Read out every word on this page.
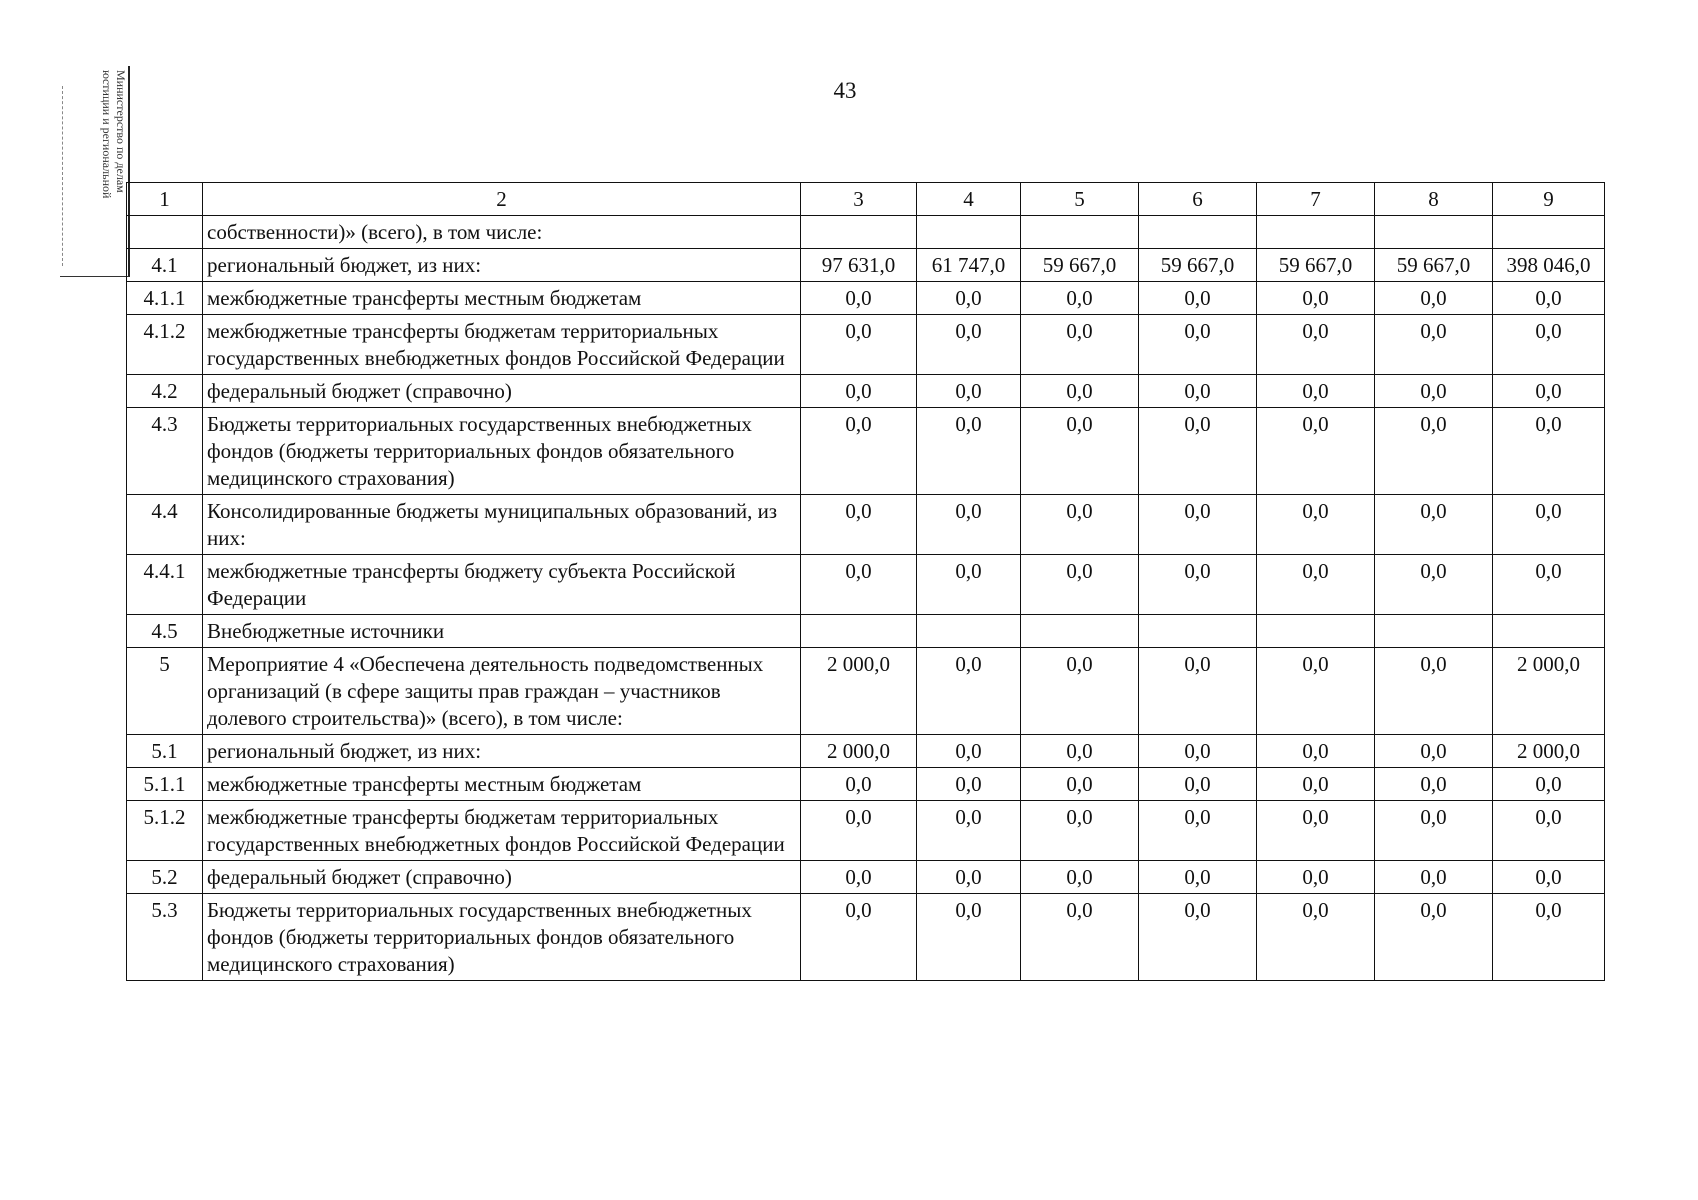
43
Министерство по делам
юстиции и региональной
1	2	3	4	5	6	7	8	9
	собственности)» (всего), в том числе:							
4.1	региональный бюджет, из них:	97 631,0	61 747,0	59 667,0	59 667,0	59 667,0	59 667,0	398 046,0
4.1.1	межбюджетные трансферты местным бюджетам	0,0	0,0	0,0	0,0	0,0	0,0	0,0
4.1.2	межбюджетные трансферты бюджетам территориальных государственных внебюджетных фондов Российской Федерации	0,0	0,0	0,0	0,0	0,0	0,0	0,0
4.2	федеральный бюджет (справочно)	0,0	0,0	0,0	0,0	0,0	0,0	0,0
4.3	Бюджеты территориальных государственных внебюджетных фондов (бюджеты территориальных фондов обязательного медицинского страхования)	0,0	0,0	0,0	0,0	0,0	0,0	0,0
4.4	Консолидированные бюджеты муниципальных образований, из них:	0,0	0,0	0,0	0,0	0,0	0,0	0,0
4.4.1	межбюджетные трансферты бюджету субъекта Российской Федерации	0,0	0,0	0,0	0,0	0,0	0,0	0,0
4.5	Внебюджетные источники							
5	Мероприятие 4 «Обеспечена деятельность подведомственных организаций (в сфере защиты прав граждан – участников долевого строительства)» (всего), в том числе:	2 000,0	0,0	0,0	0,0	0,0	0,0	2 000,0
5.1	региональный бюджет, из них:	2 000,0	0,0	0,0	0,0	0,0	0,0	2 000,0
5.1.1	межбюджетные трансферты местным бюджетам	0,0	0,0	0,0	0,0	0,0	0,0	0,0
5.1.2	межбюджетные трансферты бюджетам территориальных государственных внебюджетных фондов Российской Федерации	0,0	0,0	0,0	0,0	0,0	0,0	0,0
5.2	федеральный бюджет (справочно)	0,0	0,0	0,0	0,0	0,0	0,0	0,0
5.3	Бюджеты территориальных государственных внебюджетных фондов (бюджеты территориальных фондов обязательного медицинского страхования)	0,0	0,0	0,0	0,0	0,0	0,0	0,0
